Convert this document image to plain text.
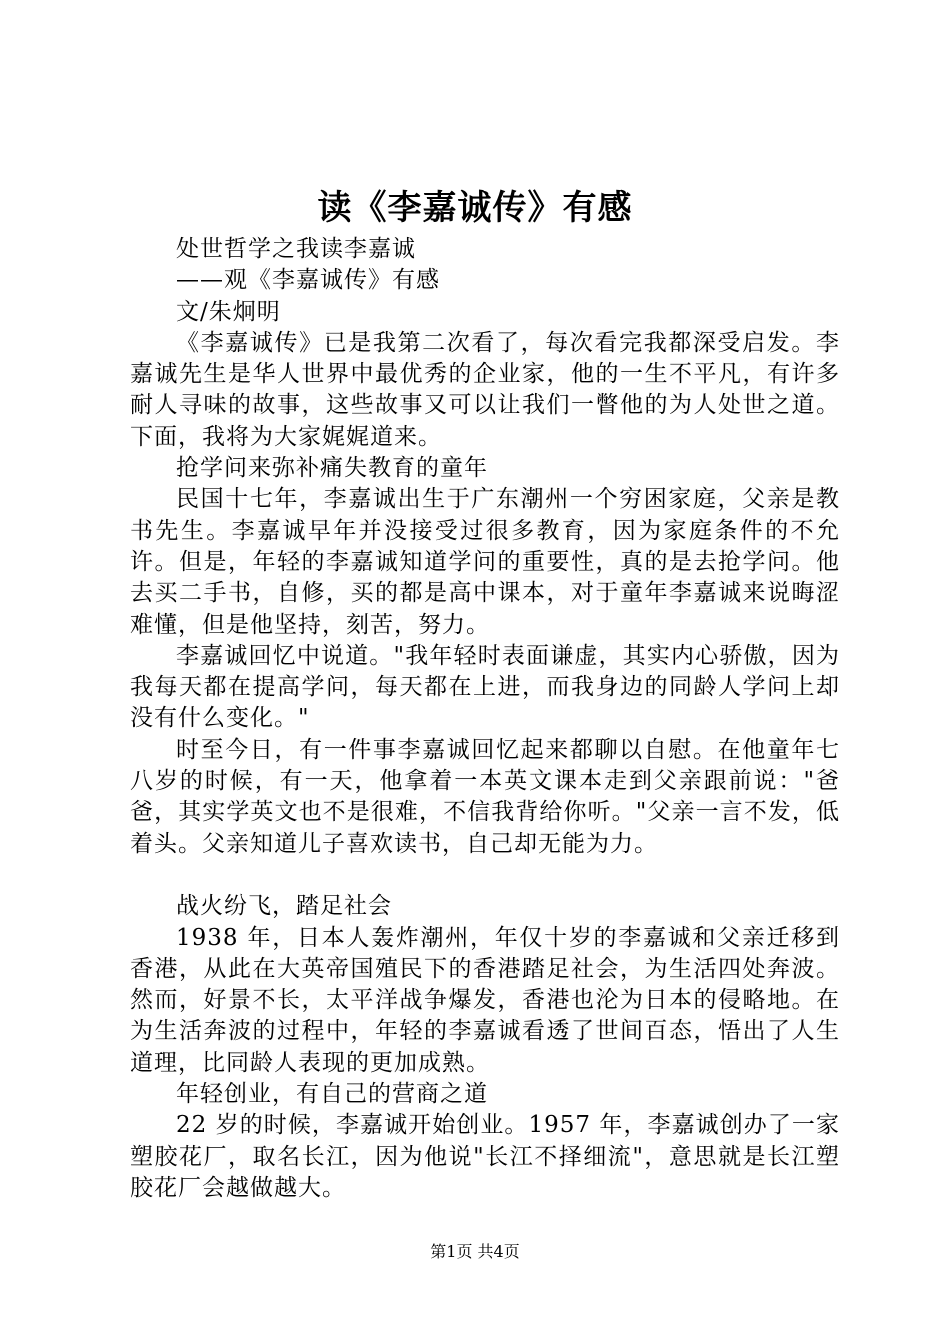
读《李嘉诚传》有感

处世哲学之我读李嘉诚

——观《李嘉诚传》有感

文/朱炯明

《李嘉诚传》已是我第二次看了，每次看完我都深受启发。李嘉诚先生是华人世界中最优秀的企业家，他的一生不平凡，有许多耐人寻味的故事，这些故事又可以让我们一瞥他的为人处世之道。下面，我将为大家娓娓道来。

抢学问来弥补痛失教育的童年

民国十七年，李嘉诚出生于广东潮州一个穷困家庭，父亲是教书先生。李嘉诚早年并没接受过很多教育，因为家庭条件的不允许。但是，年轻的李嘉诚知道学问的重要性，真的是去抢学问。他去买二手书，自修，买的都是高中课本，对于童年李嘉诚来说晦涩难懂，但是他坚持，刻苦，努力。

李嘉诚回忆中说道。"我年轻时表面谦虚，其实内心骄傲，因为我每天都在提高学问，每天都在上进，而我身边的同龄人学问上却没有什么变化。"

时至今日，有一件事李嘉诚回忆起来都聊以自慰。在他童年七八岁的时候，有一天，他拿着一本英文课本走到父亲跟前说："爸爸，其实学英文也不是很难，不信我背给你听。"父亲一言不发，低着头。父亲知道儿子喜欢读书，自己却无能为力。

战火纷飞，踏足社会

1938 年，日本人轰炸潮州，年仅十岁的李嘉诚和父亲迁移到香港，从此在大英帝国殖民下的香港踏足社会，为生活四处奔波。然而，好景不长，太平洋战争爆发，香港也沦为日本的侵略地。在为生活奔波的过程中，年轻的李嘉诚看透了世间百态，悟出了人生道理，比同龄人表现的更加成熟。

年轻创业，有自己的营商之道

22 岁的时候，李嘉诚开始创业。1957 年，李嘉诚创办了一家塑胶花厂，取名长江，因为他说"长江不择细流"，意思就是长江塑胶花厂会越做越大。

第1页 共4页
